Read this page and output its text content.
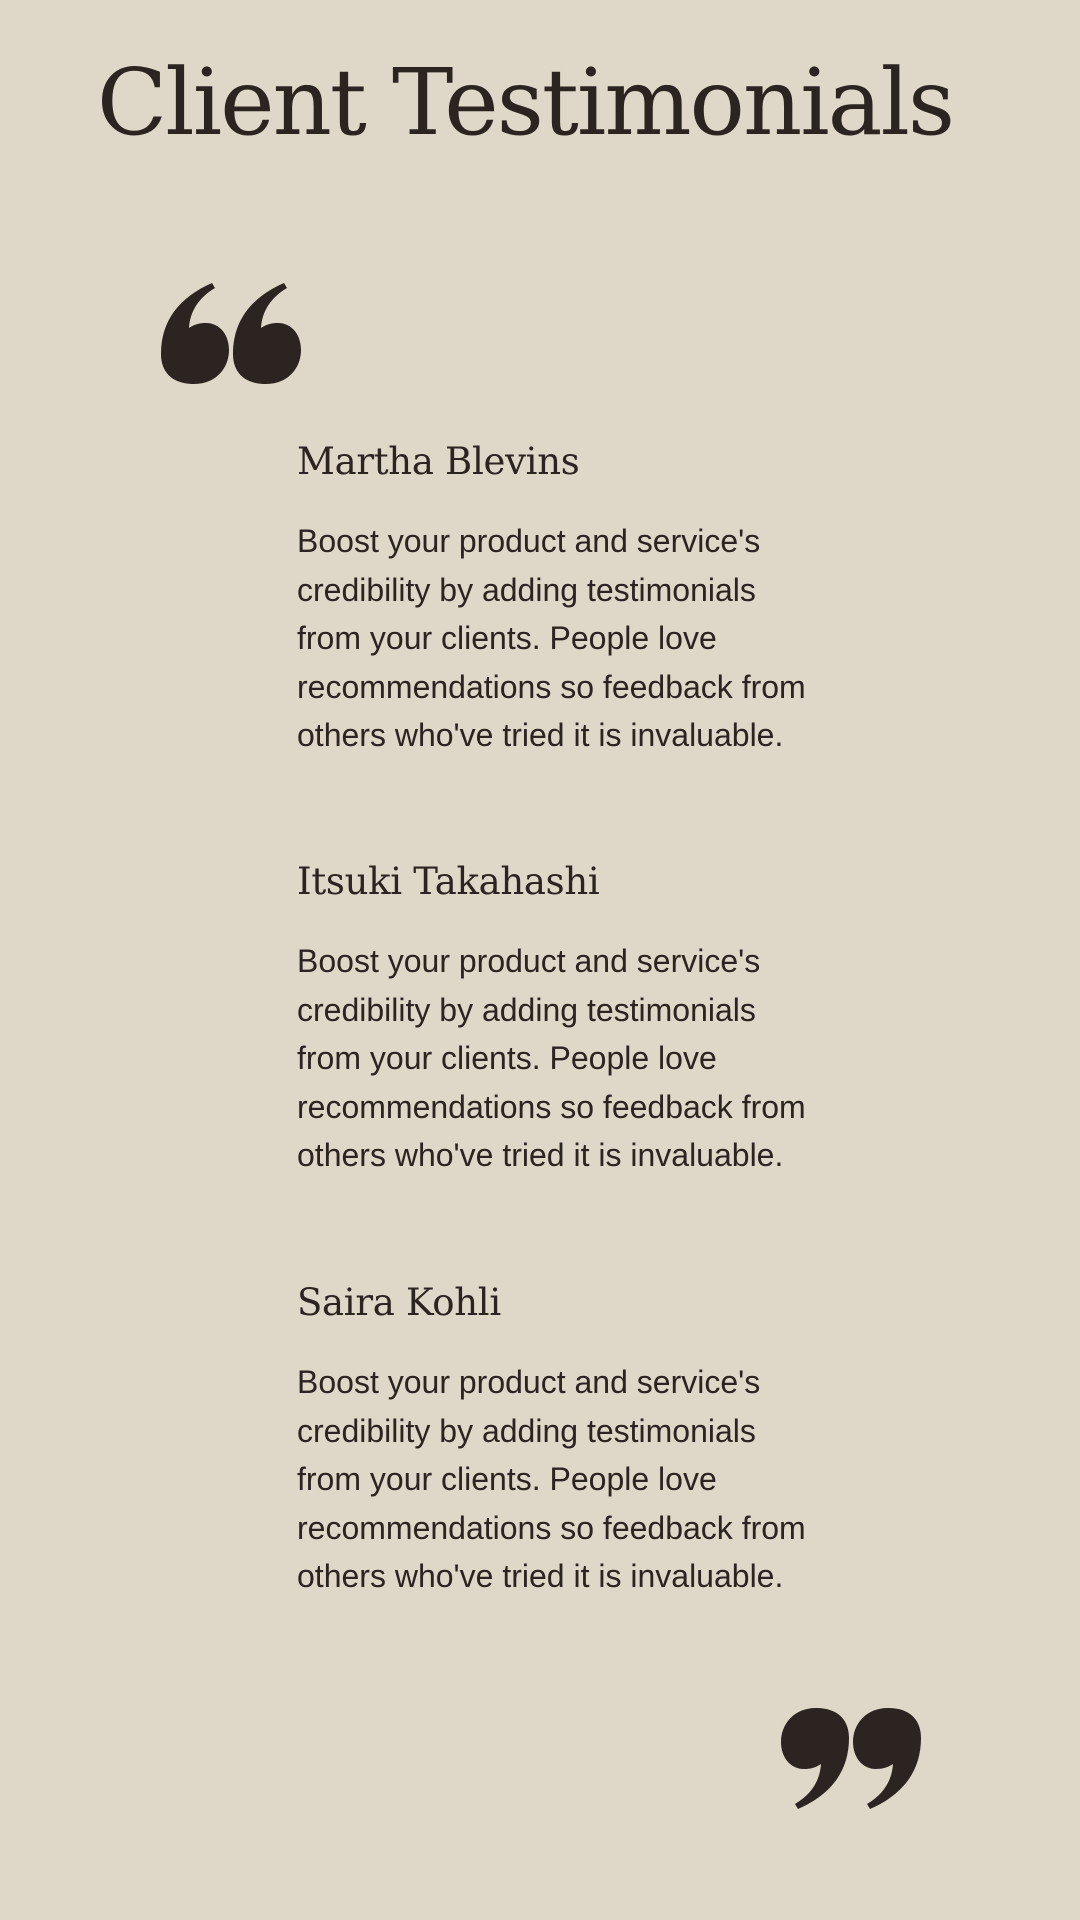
Client Testimonials
Martha Blevins

Boost your product and service's credibility by adding testimonials from your clients. People love recommendations so feedback from others who've tried it is invaluable.

Itsuki Takahashi

Boost your product and service's credibility by adding testimonials from your clients. People love recommendations so feedback from others who've tried it is invaluable.

Saira Kohli

Boost your product and service's credibility by adding testimonials from your clients. People love recommendations so feedback from others who've tried it is invaluable.
